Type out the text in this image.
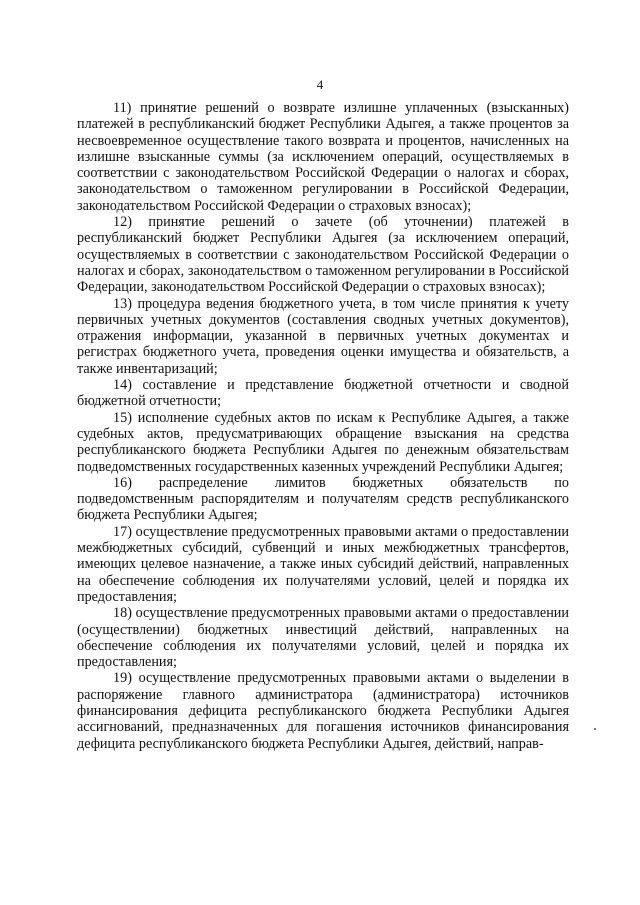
4

11) принятие решений о возврате излишне уплаченных (взысканных) платежей в республиканский бюджет Республики Адыгея, а также процентов за несвоевременное осуществление такого возврата и процентов, начисленных на излишне взысканные суммы (за исключением операций, осуществляемых в соответствии с законодательством Российской Федерации о налогах и сборах, законодательством о таможенном регулировании в Российской Федерации, законодательством Российской Федерации о страховых взносах);

12) принятие решений о зачете (об уточнении) платежей в республиканский бюджет Республики Адыгея (за исключением операций, осуществляемых в соответствии с законодательством Российской Федерации о налогах и сборах, законодательством о таможенном регулировании в Российской Федерации, законодательством Российской Федерации о страховых взносах);

13) процедура ведения бюджетного учета, в том числе принятия к учету первичных учетных документов (составления сводных учетных документов), отражения информации, указанной в первичных учетных документах и регистрах бюджетного учета, проведения оценки имущества и обязательств, а также инвентаризаций;

14) составление и представление бюджетной отчетности и сводной бюджетной отчетности;

15) исполнение судебных актов по искам к Республике Адыгея, а также судебных актов, предусматривающих обращение взыскания на средства республиканского бюджета Республики Адыгея по денежным обязательствам подведомственных государственных казенных учреждений Республики Адыгея;

16) распределение лимитов бюджетных обязательств по подведомственным распорядителям и получателям средств республиканского бюджета Республики Адыгея;

17) осуществление предусмотренных правовыми актами о предоставлении межбюджетных субсидий, субвенций и иных межбюджетных трансфертов, имеющих целевое назначение, а также иных субсидий действий, направленных на обеспечение соблюдения их получателями условий, целей и порядка их предоставления;

18) осуществление предусмотренных правовыми актами о предоставлении (осуществлении) бюджетных инвестиций действий, направленных на обеспечение соблюдения их получателями условий, целей и порядка их предоставления;

19) осуществление предусмотренных правовыми актами о выделении в распоряжение главного администратора (администратора) источников финансирования дефицита республиканского бюджета Республики Адыгея ассигнований, предназначенных для погашения источников финансирования дефицита республиканского бюджета Республики Адыгея, действий, направ-
